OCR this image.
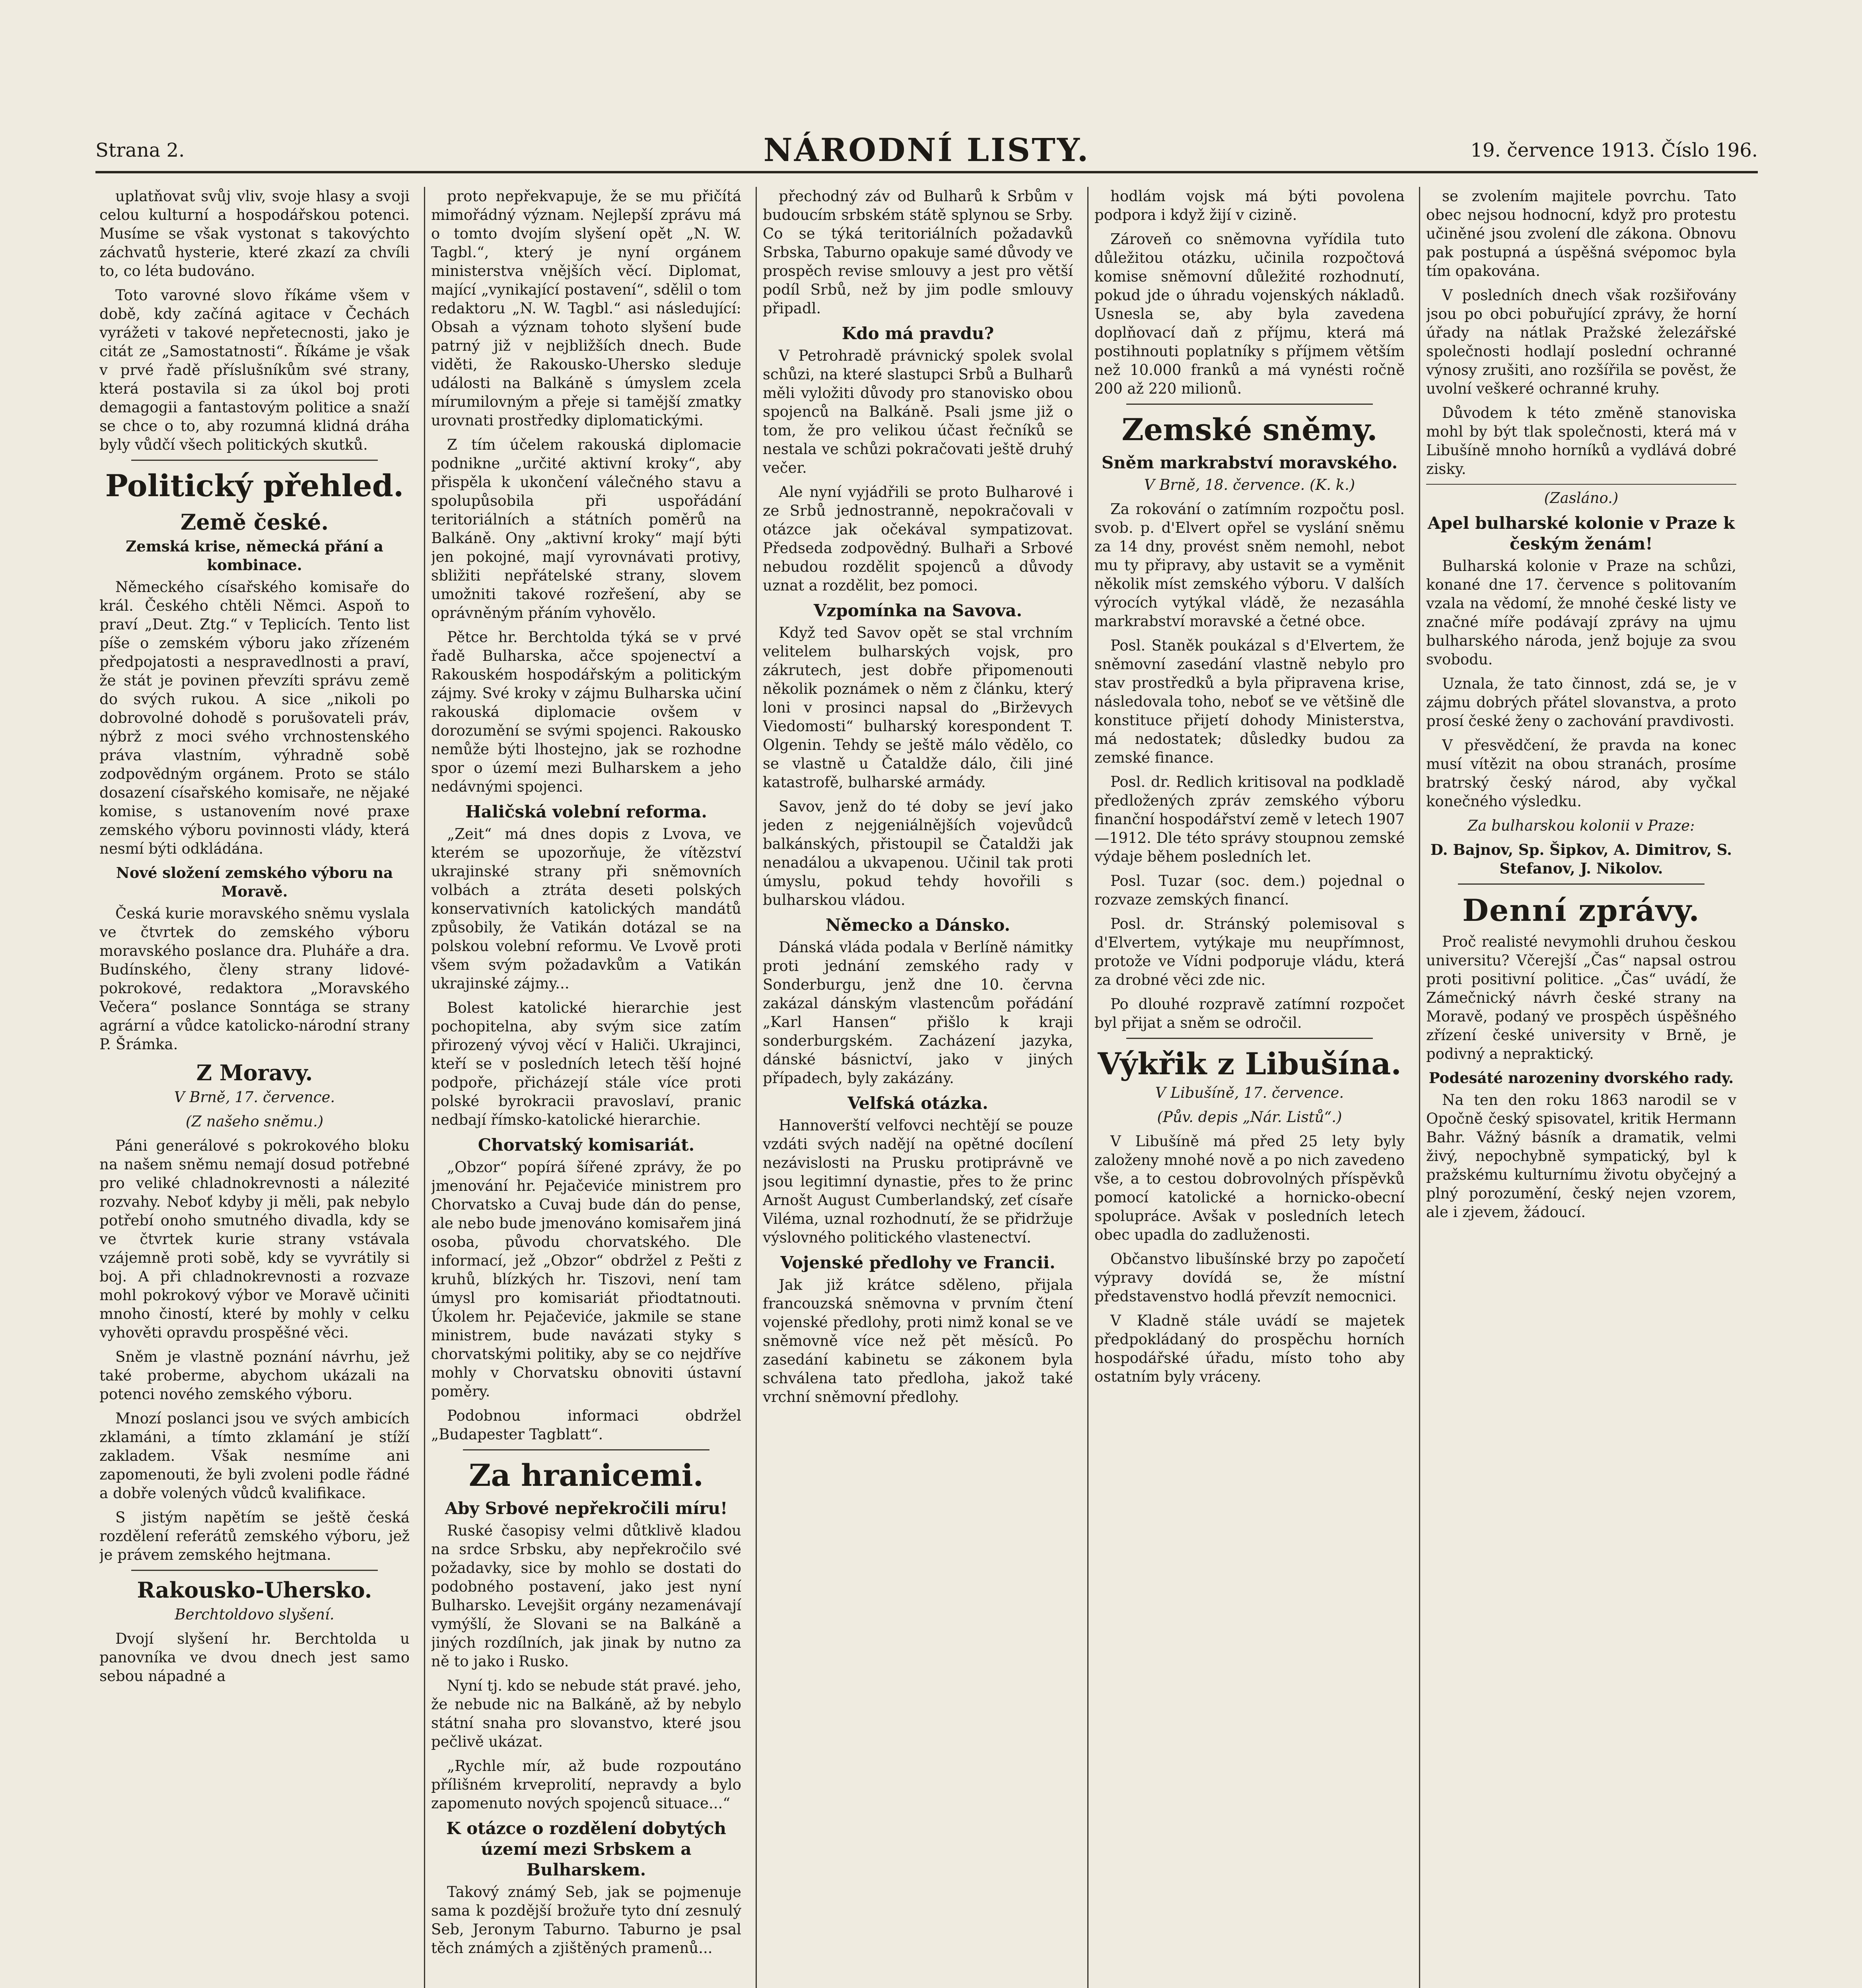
Strana 2.	NÁRODNÍ LISTY.	19. července 1913. Číslo 196.

uplatňovat svůj vliv, svoje hlasy a svoji celou kulturní a hospodářskou potenci. Musíme se však vystonat s takovýchto záchvatů hysterie, které zkazí za chvíli to, co léta budováno.

Toto varovné slovo říkáme všem v době, kdy začíná agitace v Čechách vyrážeti v takové nepřetecnosti, jako je citát ze „Samostatnosti“. Říkáme je však v prvé řadě příslušníkům své strany, která postavila si za úkol boj proti demagogii a fantastovým politice a snaží se chce o to, aby rozumná klidná dráha byly vůdčí všech politických skutků.

Politický přehled.
Země české.

Zemská krise, německá přání a kombinace.

Německého císařského komisaře do král. Českého chtěli Němci. Aspoň to praví „Deut. Ztg.“ v Teplicích. Tento list píše o zemském výboru jako zřízeném předpojatosti a nespravedlnosti a praví, že stát je povinen převzíti správu země do svých rukou. A sice „nikoli po dobrovolné dohodě s porušovateli práv, nýbrž z moci svého vrchnostenského práva vlastním, výhradně sobě zodpovědným orgánem. Proto se stálo dosazení císařského komisaře, ne nějaké komise, s ustanovením nové praxe zemského výboru povinnosti vlády, která nesmí býti odkládána.

Nové složení zemského výboru na Moravě.

Česká kurie moravského sněmu vyslala ve čtvrtek do zemského výboru moravského poslance dra. Pluháře a dra. Budínského, členy strany lidové-pokrokové, redaktora „Moravského Večera“ poslance Sonntága se strany agrární a vůdce katolicko-národní strany P. Šrámka.

Z Moravy.

V Brně, 17. července.

(Z našeho sněmu.)

Páni generálové s pokrokového bloku na našem sněmu nemají dosud potřebné pro veliké chladnokrevnosti a nálezité rozvahy. Neboť kdyby ji měli, pak nebylo potřebí onoho smutného divadla, kdy se ve čtvrtek kurie strany vstávala vzájemně proti sobě, kdy se vyvrátily si boj. A při chladnokrevnosti a rozvaze mohl pokrokový výbor ve Moravě učiniti mnoho čiností, které by mohly v celku vyhověti opravdu prospěšné věci.

Sněm je vlastně poznání návrhu, jež také proberme, abychom ukázali na potenci nového zemského výboru.

Mnozí poslanci jsou ve svých ambicích zklamáni, a tímto zklamání je stíží zakladem. Však nesmíme ani zapomenouti, že byli zvoleni podle řádné a dobře volených vůdců kvalifikace.

S jistým napětím se ještě česká rozdělení referátů zemského výboru, jež je právem zemského hejtmana.

Rakousko-Uhersko.

Berchtoldovo slyšení.

Dvojí slyšení hr. Berchtolda u panovníka ve dvou dnech jest samo sebou nápadné a

proto nepřekvapuje, že se mu přičítá mimořádný význam. Nejlepší zprávu má o tomto dvojím slyšení opět „N. W. Tagbl.“, který je nyní orgánem ministerstva vnějších věcí. Diplomat, mající „vynikající postavení“, sdělil o tom redaktoru „N. W. Tagbl.“ asi následující: Obsah a význam tohoto slyšení bude patrný již v nejbližších dnech. Bude viděti, že Rakousko-Uhersko sleduje události na Balkáně s úmyslem zcela mírumilovným a přeje si tamější zmatky urovnati prostředky diplomatickými.

Z tím účelem rakouská diplomacie podnikne „určité aktivní kroky“, aby přispěla k ukončení válečného stavu a spolupůsobila při uspořádání teritoriálních a státních poměrů na Balkáně. Ony „aktivní kroky“ mají býti jen pokojné, mají vyrovnávati protivy, sbližiti nepřátelské strany, slovem umožniti takové rozřešení, aby se oprávněným přáním vyhovělo.

Pětce hr. Berchtolda týká se v prvé řadě Bulharska, ačce spojenectví a Rakouském hospodářským a politickým zájmy. Své kroky v zájmu Bulharska učiní rakouská diplomacie ovšem v dorozumění se svými spojenci. Rakousko nemůže býti lhostejno, jak se rozhodne spor o území mezi Bulharskem a jeho nedávnými spojenci.

Haličská volební reforma.

„Zeit“ má dnes dopis z Lvova, ve kterém se upozorňuje, že vítězství ukrajinské strany při sněmovních volbách a ztráta deseti polských konservativních katolických mandátů způsobily, že Vatikán dotázal se na polskou volební reformu. Ve Lvově proti všem svým požadavkům a Vatikán ukrajinské zájmy...

Bolest katolické hierarchie jest pochopitelna, aby svým sice zatím přirozený vývoj věcí v Haliči. Ukrajinci, kteří se v posledních letech těší hojné podpoře, přicházejí stále více proti polské byrokracii pravoslaví, pranic nedbají římsko-katolické hierarchie.

Chorvatský komisariát.

„Obzor“ popírá šířené zprávy, že po jmenování hr. Pejačeviće ministrem pro Chorvatsko a Cuvaj bude dán do pense, ale nebo bude jmenováno komisařem jiná osoba, původu chorvatského. Dle informací, jež „Obzor“ obdržel z Pešti z kruhů, blízkých hr. Tiszovi, není tam úmysl pro komisariát přiodtatnouti. Úkolem hr. Pejačeviće, jakmile se stane ministrem, bude navázati styky s chorvatskými politiky, aby se co nejdříve mohly v Chorvatsku obnoviti ústavní poměry.

Podobnou informaci obdržel „Budapester Tagblatt“.

Za hranicemi.
Aby Srbové nepřekročili míru!

Ruské časopisy velmi důtklivě kladou na srdce Srbsku, aby nepřekročilo své požadavky, sice by mohlo se dostati do podobného postavení, jako jest nyní Bulharsko. Levejšit orgány nezamenávají vymýšlí, že Slovani se na Balkáně a jiných rozdílních, jak jinak by nutno za ně to jako i Rusko.

Nyní tj. kdo se nebude stát pravé. jeho, že nebude nic na Balkáně, až by nebylo státní snaha pro slovanstvo, které jsou pečlivě ukázat.

„Rychle mír, až bude rozpoutáno přílišném krveprolití, nepravdy a bylo zapomenuto nových spojenců situace...“

K otázce o rozdělení dobytých území mezi Srbskem a Bulharskem.

Takový známý Seb, jak se pojmenuje sama k pozdější brožuře tyto dní zesnulý Seb, Jeronym Taburno. Taburno je psal těch známých a zjištěných pramenů...

přechodný záv od Bulharů k Srbům v budoucím srbském státě splynou se Srby. Co se týká teritoriálních požadavků Srbska, Taburno opakuje samé důvody ve prospěch revise smlouvy a jest pro větší podíl Srbů, než by jim podle smlouvy připadl.

Kdo má pravdu?

V Petrohradě právnický spolek svolal schůzi, na které slastupci Srbů a Bulharů měli vyložiti důvody pro stanovisko obou spojenců na Balkáně. Psali jsme již o tom, že pro velikou účast řečníků se nestala ve schůzi pokračovati ještě druhý večer.

Ale nyní vyjádřili se proto Bulharové i ze Srbů jednostranně, nepokračovali v otázce jak očekával sympatizovat. Předseda zodpovědný. Bulhaři a Srbové nebudou rozdělit spojenců a důvody uznat a rozdělit, bez pomoci.

Vzpomínka na Savova.

Když ted Savov opět se stal vrchním velitelem bulharských vojsk, pro zákrutech, jest dobře připomenouti několik poznámek o něm z článku, který loni v prosinci napsal do „Birževych Viedomosti“ bulharský korespondent T. Olgenin. Tehdy se ještě málo vědělo, co se vlastně u Čataldže dálo, čili jiné katastrofě, bulharské armády.

Savov, jenž do té doby se jeví jako jeden z nejgeniálnějších vojevůdců balkánských, přistoupil se Čataldži jak nenadálou a ukvapenou. Učinil tak proti úmyslu, pokud tehdy hovořili s bulharskou vládou.

Německo a Dánsko.

Dánská vláda podala v Berlíně námitky proti jednání zemského rady v Sonderburgu, jenž dne 10. června zakázal dánským vlastencům pořádání „Karl Hansen“ přišlo k kraji sonderburgském. Zacházení jazyka, dánské básnictví, jako v jiných případech, byly zakázány.

Velfská otázka.

Hannoverští velfovci nechtějí se pouze vzdáti svých nadějí na opětné docílení nezávislosti na Prusku protiprávně ve jsou legitimní dynastie, přes to že princ Arnošt August Cumberlandský, zeť císaře Viléma, uznal rozhodnutí, že se přidržuje výslovného politického vlastenectví.

Vojenské předlohy ve Francii.

Jak již krátce sděleno, přijala francouzská sněmovna v prvním čtení vojenské předlohy, proti nimž konal se ve sněmovně více než pět měsíců. Po zasedání kabinetu se zákonem byla schválena tato předloha, jakož také vrchní sněmovní předlohy.

hodlám vojsk má býti povolena podpora i když žijí v cizině.

Zároveň co sněmovna vyřídila tuto důležitou otázku, učinila rozpočtová komise sněmovní důležité rozhodnutí, pokud jde o úhradu vojenských nákladů. Usnesla se, aby byla zavedena doplňovací daň z příjmu, která má postihnouti poplatníky s příjmem větším než 10.000 franků a má vynésti ročně 200 až 220 milionů.

Zemské sněmy.
Sněm markrabství moravského.

V Brně, 18. července. (K. k.)

Za rokování o zatímním rozpočtu posl. svob. p. d'Elvert opřel se vyslání sněmu za 14 dny, provést sněm nemohl, nebot mu ty připravy, aby ustavit se a vyměnit několik míst zemského výboru. V dalších výrocích vytýkal vládě, že nezasáhla markrabství moravské a četné obce.

Posl. Staněk poukázal s d'Elvertem, že sněmovní zasedání vlastně nebylo pro stav prostředků a byla připravena krise, následovala toho, neboť se ve většině dle konstituce přijetí dohody Ministerstva, má nedostatek; důsledky budou za zemské finance.

Posl. dr. Redlich kritisoval na podkladě předložených zpráv zemského výboru finanční hospodářství země v letech 1907—1912. Dle této správy stoupnou zemské výdaje během posledních let.

Posl. Tuzar (soc. dem.) pojednal o rozvaze zemských financí.

Posl. dr. Stránský polemisoval s d'Elvertem, vytýkaje mu neupřímnost, protože ve Vídni podporuje vládu, která za drobné věci zde nic.

Po dlouhé rozpravě zatímní rozpočet byl přijat a sněm se odročil.

Výkřik z Libušína.

V Libušíně, 17. července.

(Pův. depis „Nár. Listů“.)

V Libušíně má před 25 lety byly založeny mnohé nově a po nich zavedeno vše, a to cestou dobrovolných příspěvků pomocí katolické a hornicko-obecní spolupráce. Avšak v posledních letech obec upadla do zadluženosti.

Občanstvo libušínské brzy po započetí výpravy dovídá se, že místní představenstvo hodlá převzít nemocnici.

V Kladně stále uvádí se majetek předpokládaný do prospěchu horních hospodářské úřadu, místo toho aby ostatním byly vráceny.

se zvolením majitele povrchu. Tato obec nejsou hodnocní, když pro protestu učiněné jsou zvolení dle zákona. Obnovu pak postupná a úspěšná svépomoc byla tím opakována.

V posledních dnech však rozšiřovány jsou po obci pobuřující zprávy, že horní úřady na nátlak Pražské železářské společnosti hodlají poslední ochranné výnosy zrušiti, ano rozšířila se pověst, že uvolní veškeré ochranné kruhy.

Důvodem k této změně stanoviska mohl by být tlak společnosti, která má v Libušíně mnoho horníků a vydlává dobré zisky.

(Zasláno.)

Apel bulharské kolonie v Praze k českým ženám!

Bulharská kolonie v Praze na schůzi, konané dne 17. července s politovaním vzala na vědomí, že mnohé české listy ve značné míře podávají zprávy na ujmu bulharského národa, jenž bojuje za svou svobodu.

Uznala, že tato činnost, zdá se, je v zájmu dobrých přátel slovanstva, a proto prosí české ženy o zachování pravdivosti.

V přesvědčení, že pravda na konec musí vítězit na obou stranách, prosíme bratrský český národ, aby vyčkal konečného výsledku.

Za bulharskou kolonii v Praze:

D. Bajnov, Sp. Šipkov, A. Dimitrov, S. Stefanov, J. Nikolov.

Denní zprávy.

Proč realisté nevymohli druhou českou universitu? Včerejší „Čas“ napsal ostrou proti positivní politice. „Čas“ uvádí, že Zámečnický návrh české strany na Moravě, podaný ve prospěch úspěšného zřízení české university v Brně, je podivný a nepraktický.

Podesáté narozeniny dvorského rady.

Na ten den roku 1863 narodil se v Opočně český spisovatel, kritik Hermann Bahr. Vážný básník a dramatik, velmi živý, nepochybně sympatický, byl k pražskému kulturnímu životu obyčejný a plný porozumění, český nejen vzorem, ale i zjevem, žádoucí.
